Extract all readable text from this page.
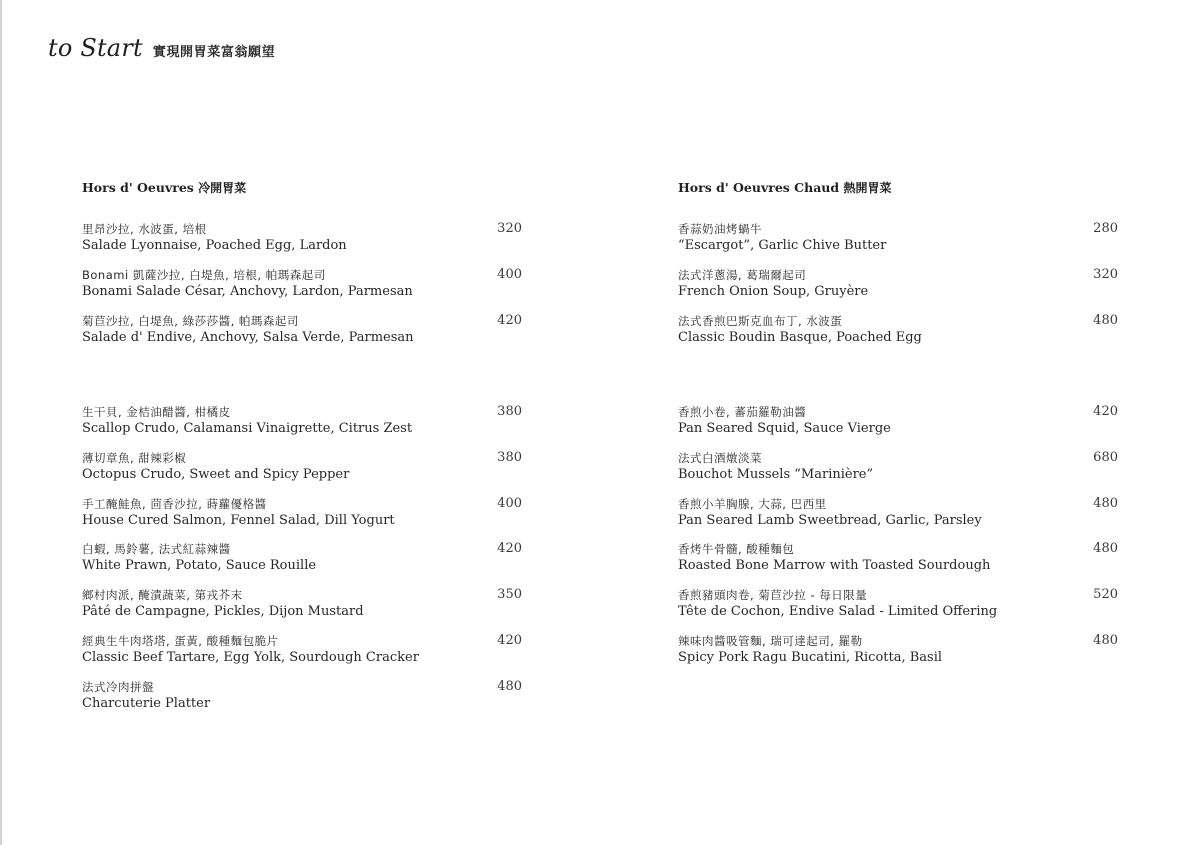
to Start 實現開胃菜富翁願望
Hors d' Oeuvres 冷開胃菜
里昂沙拉, 水波蛋, 培根
Salade Lyonnaise, Poached Egg, Lardon
320
Bonami 凱薩沙拉, 白堤魚, 培根, 帕瑪森起司
Bonami Salade César, Anchovy, Lardon, Parmesan
400
菊苣沙拉, 白堤魚, 綠莎莎醬, 帕瑪森起司
Salade d' Endive, Anchovy, Salsa Verde, Parmesan
420
生干貝, 金桔油醋醬, 柑橘皮
Scallop Crudo, Calamansi Vinaigrette, Citrus Zest
380
薄切章魚, 甜辣彩椒
Octopus Crudo, Sweet and Spicy Pepper
380
手工醃鮭魚, 茴香沙拉, 蒔蘿優格醬
House Cured Salmon, Fennel Salad, Dill Yogurt
400
白蝦, 馬鈴薯, 法式紅蒜辣醬
White Prawn, Potato, Sauce Rouille
420
鄉村肉派, 醃漬蔬菜, 第戎芥末
Pâté de Campagne, Pickles, Dijon Mustard
350
經典生牛肉塔塔, 蛋黃, 酸種麵包脆片
Classic Beef Tartare, Egg Yolk, Sourdough Cracker
420
法式冷肉拼盤
Charcuterie Platter
480
Hors d' Oeuvres Chaud 熱開胃菜
香蒜奶油烤蝸牛
“Escargot”, Garlic Chive Butter
280
法式洋蔥湯, 葛瑞爾起司
French Onion Soup, Gruyère
320
法式香煎巴斯克血布丁, 水波蛋
Classic Boudin Basque, Poached Egg
480
香煎小卷, 蕃茄羅勒油醬
Pan Seared Squid, Sauce Vierge
420
法式白酒燉淡菜
Bouchot Mussels “Marinière”
680
香煎小羊胸腺, 大蒜, 巴西里
Pan Seared Lamb Sweetbread, Garlic, Parsley
480
香烤牛骨髓, 酸種麵包
Roasted Bone Marrow with Toasted Sourdough
480
香煎豬頭肉卷, 菊苣沙拉 - 每日限量
Tête de Cochon, Endive Salad - Limited Offering
520
辣味肉醬吸管麵, 瑞可達起司, 羅勒
Spicy Pork Ragu Bucatini, Ricotta, Basil
480
